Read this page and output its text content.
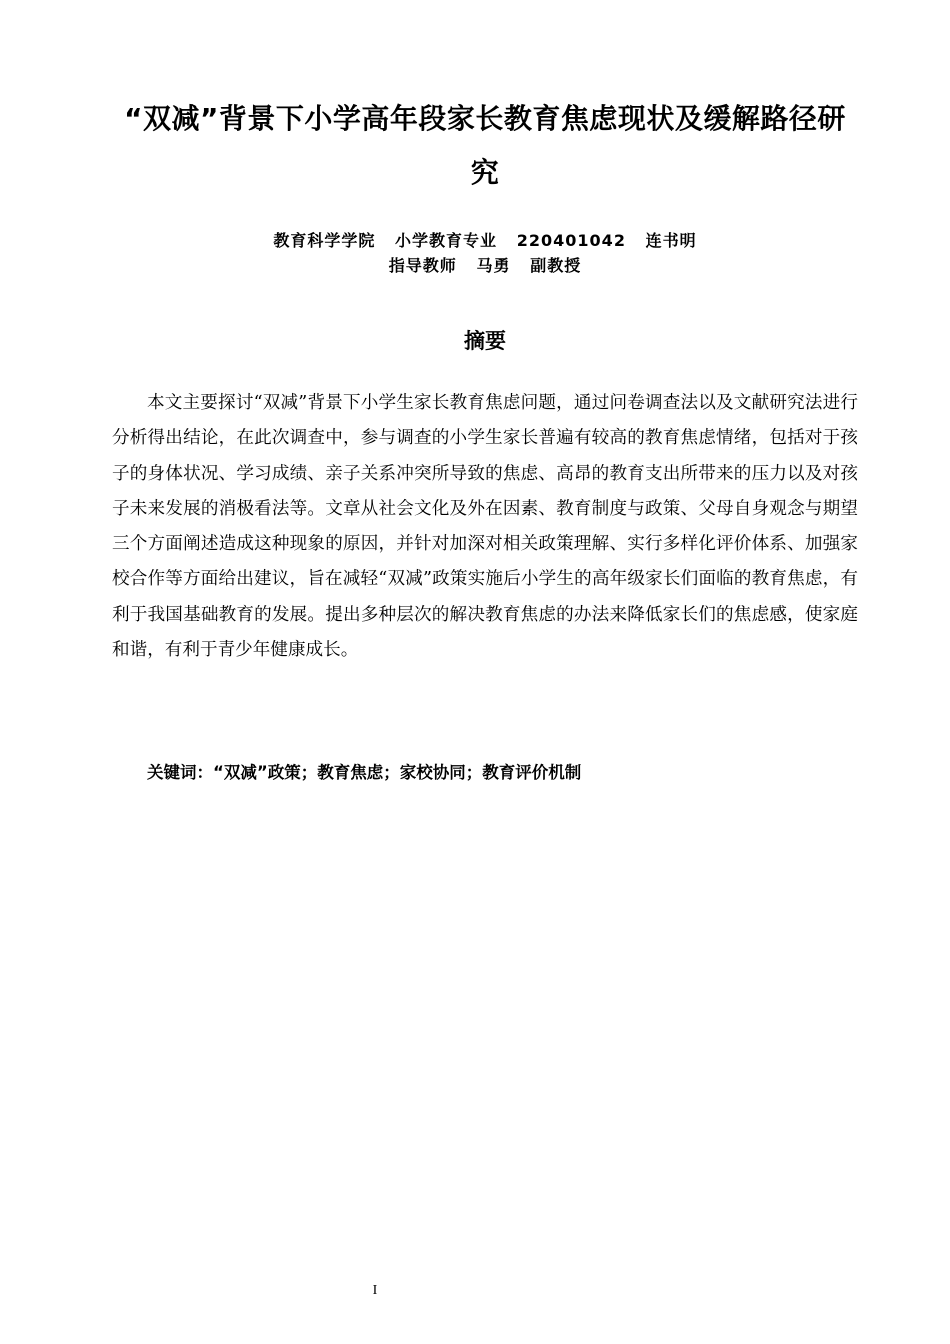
“双减”背景下小学高年段家长教育焦虑现状及缓解路径研究
教育科学学院   小学教育专业   220401042   连书明
指导教师   马勇   副教授
摘要

本文主要探讨“双减”背景下小学生家长教育焦虑问题，通过问卷调查法以及文献研究法进行分析得出结论，在此次调查中，参与调查的小学生家长普遍有较高的教育焦虑情绪，包括对于孩子的身体状况、学习成绩、亲子关系冲突所导致的焦虑、高昂的教育支出所带来的压力以及对孩子未来发展的消极看法等。文章从社会文化及外在因素、教育制度与政策、父母自身观念与期望三个方面阐述造成这种现象的原因，并针对加深对相关政策理解、实行多样化评价体系、加强家校合作等方面给出建议，旨在减轻“双减”政策实施后小学生的高年级家长们面临的教育焦虑，有利于我国基础教育的发展。提出多种层次的解决教育焦虑的办法来降低家长们的焦虑感，使家庭和谐，有利于青少年健康成长。

关键词：“双减”政策；教育焦虑；家校协同；教育评价机制
I
